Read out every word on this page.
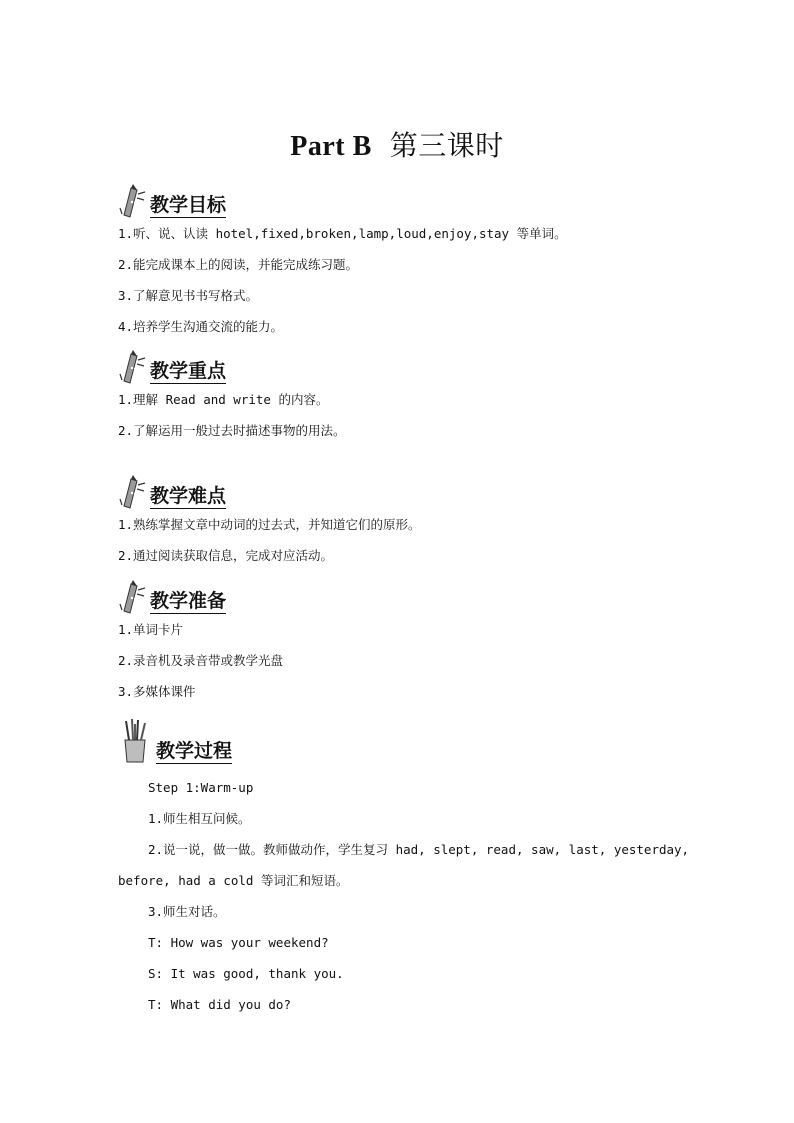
Part B 第三课时
教学目标
1.听、说、认读 hotel,fixed,broken,lamp,loud,enjoy,stay 等单词。
2.能完成课本上的阅读，并能完成练习题。
3.了解意见书书写格式。
4.培养学生沟通交流的能力。
教学重点
1.理解 Read and write 的内容。
2.了解运用一般过去时描述事物的用法。
教学难点
1.熟练掌握文章中动词的过去式，并知道它们的原形。
2.通过阅读获取信息，完成对应活动。
教学准备
1.单词卡片
2.录音机及录音带或教学光盘
3.多媒体课件
教学过程
Step 1:Warm-up
1.师生相互问候。
2.说一说，做一做。教师做动作，学生复习 had, slept, read, saw, last, yesterday,
before, had a cold 等词汇和短语。
3.师生对话。
T: How was your weekend?
S: It was good, thank you.
T: What did you do?
